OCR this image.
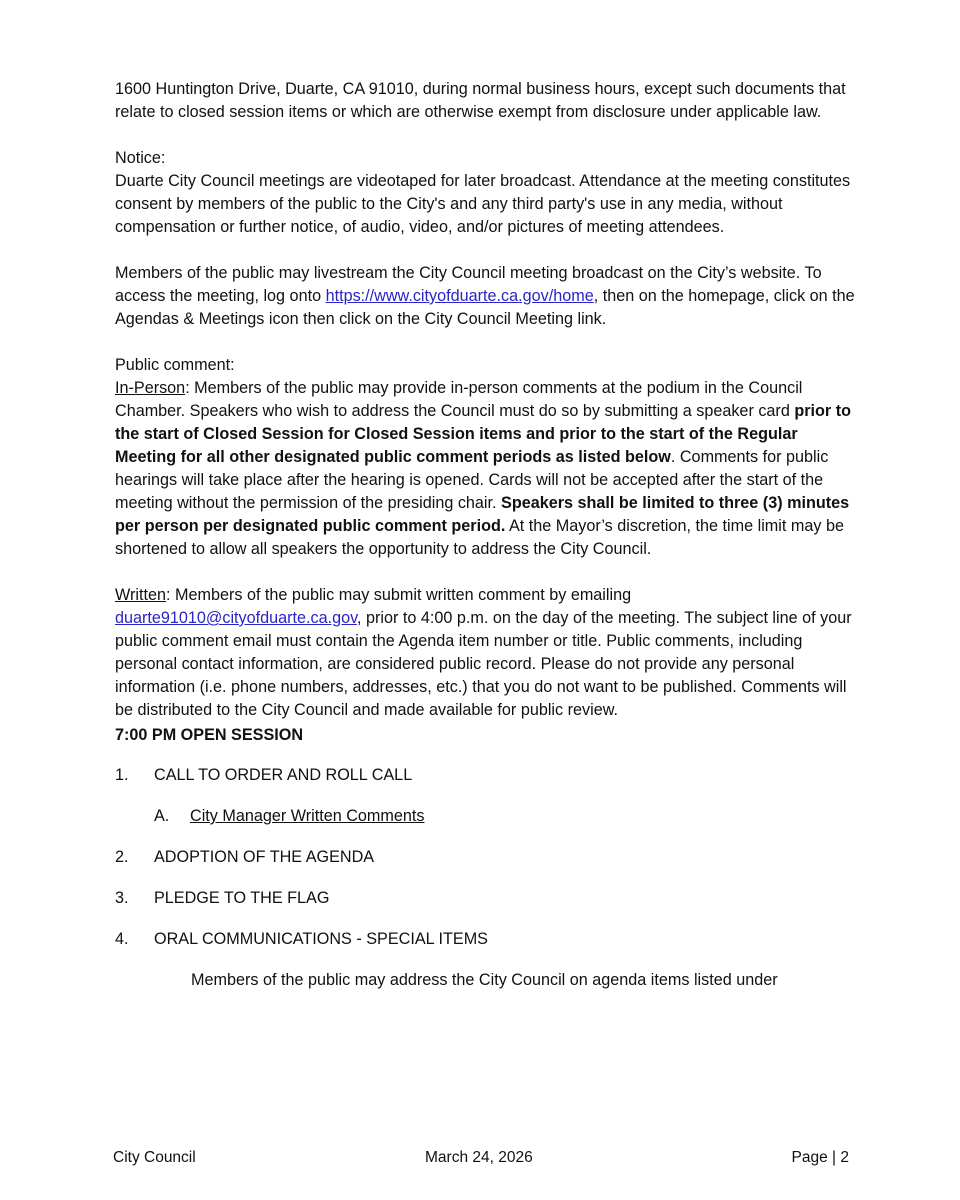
1600 Huntington Drive, Duarte, CA 91010, during normal business hours, except such documents that relate to closed session items or which are otherwise exempt from disclosure under applicable law.

Notice:

Duarte City Council meetings are videotaped for later broadcast. Attendance at the meeting constitutes consent by members of the public to the City's and any third party's use in any media, without compensation or further notice, of audio, video, and/or pictures of meeting attendees.

Members of the public may livestream the City Council meeting broadcast on the City’s website. To access the meeting, log onto https://www.cityofduarte.ca.gov/home, then on the homepage, click on the Agendas & Meetings icon then click on the City Council Meeting link.

Public comment:

In-Person: Members of the public may provide in-person comments at the podium in the Council Chamber. Speakers who wish to address the Council must do so by submitting a speaker card prior to the start of Closed Session for Closed Session items and prior to the start of the Regular Meeting for all other designated public comment periods as listed below. Comments for public hearings will take place after the hearing is opened. Cards will not be accepted after the start of the meeting without the permission of the presiding chair. Speakers shall be limited to three (3) minutes per person per designated public comment period. At the Mayor’s discretion, the time limit may be shortened to allow all speakers the opportunity to address the City Council.

Written: Members of the public may submit written comment by emailing duarte91010@cityofduarte.ca.gov, prior to 4:00 p.m. on the day of the meeting. The subject line of your public comment email must contain the Agenda item number or title. Public comments, including personal contact information, are considered public record. Please do not provide any personal information (i.e. phone numbers, addresses, etc.) that you do not want to be published. Comments will be distributed to the City Council and made available for public review.

7:00 PM OPEN SESSION

1.	CALL TO ORDER AND ROLL CALL
A.	City Manager Written Comments
2.	ADOPTION OF THE AGENDA
3.	PLEDGE TO THE FLAG
4.	ORAL COMMUNICATIONS - SPECIAL ITEMS

Members of the public may address the City Council on agenda items listed under

City Council	March 24, 2026	Page | 2
